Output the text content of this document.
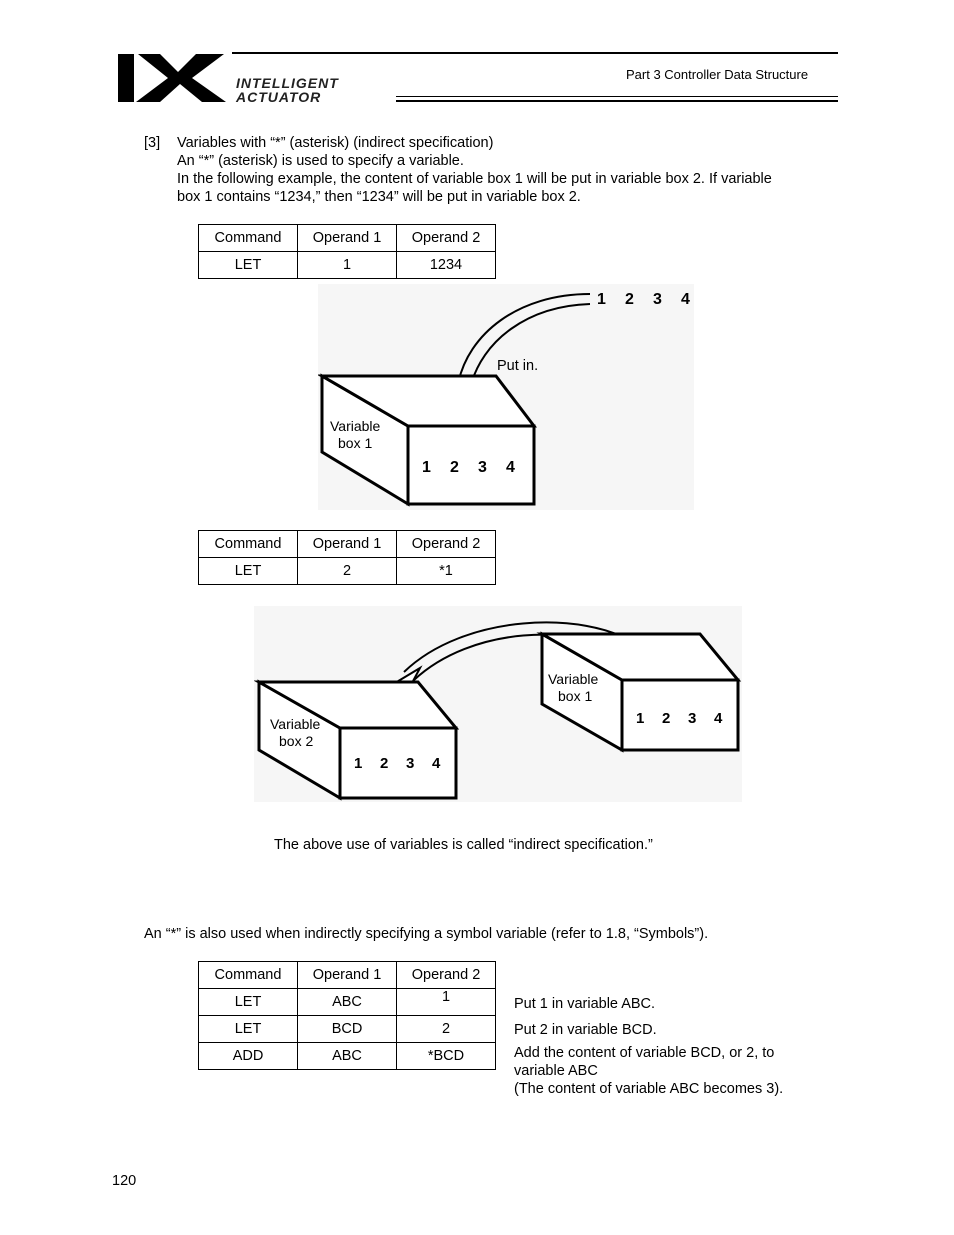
INTELLIGENT
ACTUATOR
Part 3 Controller Data Structure
[3] Variables with “*” (asterisk) (indirect specification)
An “*” (asterisk) is used to specify a variable.
In the following example, the content of variable box 1 will be put in variable box 2. If variable
box 1 contains “1234,” then “1234” will be put in variable box 2.
Command	Operand 1	Operand 2
LET	1	1234
1 2 3 4
Put in.
Variable
box 1
1 2 3 4
Command	Operand 1	Operand 2
LET	2	*1
Variable
box 2
1 2 3 4
Variable
box 1
1 2 3 4
The above use of variables is called “indirect specification.”
An “*” is also used when indirectly specifying a symbol variable (refer to 1.8, “Symbols”).
Command	Operand 1	Operand 2
LET	ABC	1
LET	BCD	2
ADD	ABC	*BCD
Put 1 in variable ABC.
Put 2 in variable BCD.
Add the content of variable BCD, or 2, to
variable ABC
(The content of variable ABC becomes 3).
120
